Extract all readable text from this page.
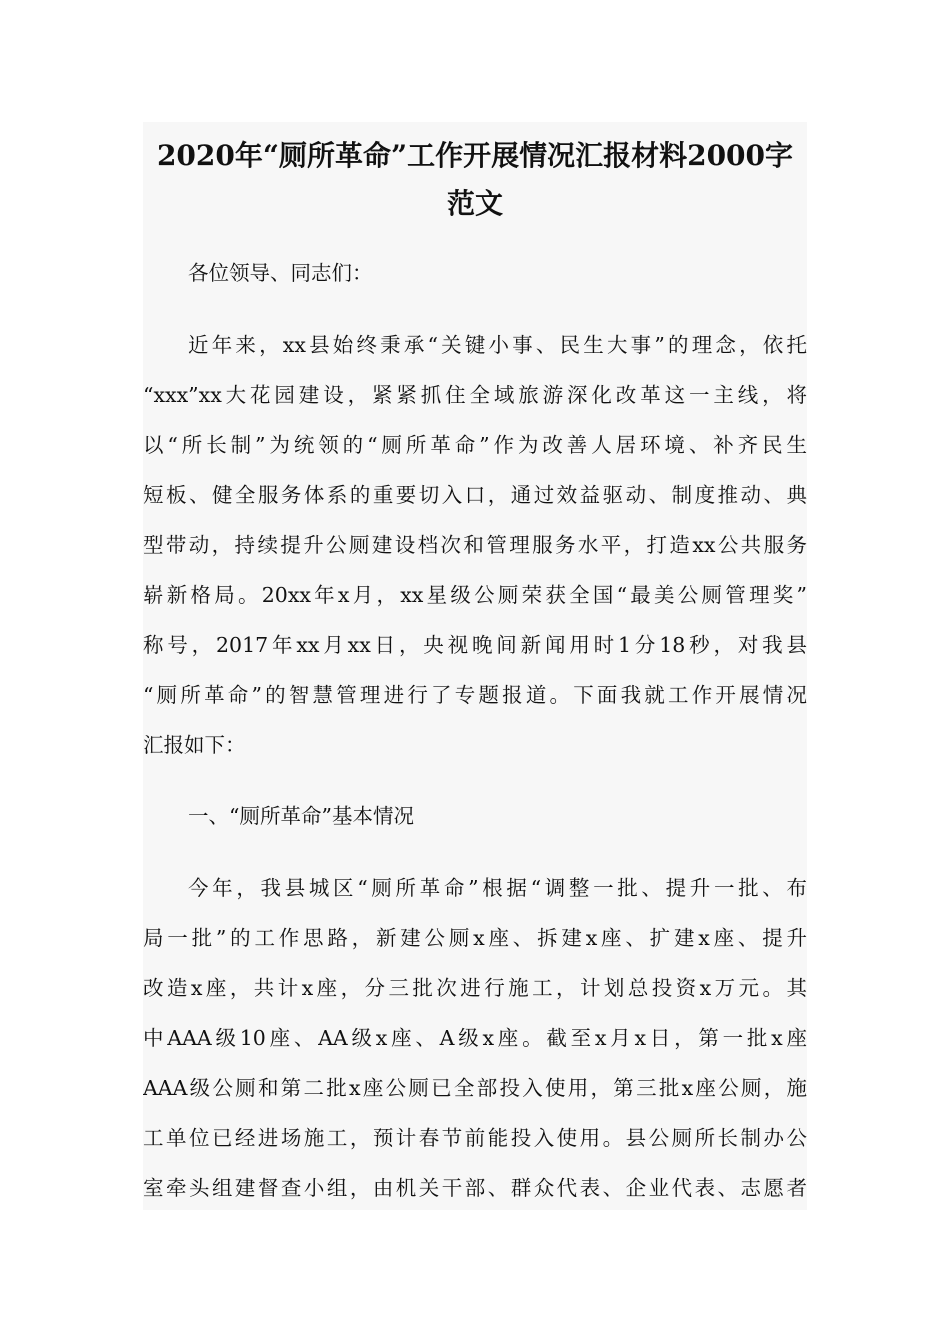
2020年“厕所革命”工作开展情况汇报材料2000字
范文
各位领导、同志们：
近年来，xx县始终秉承“关键小事、民生大事”的理念，依托
“xxx”xx大花园建设，紧紧抓住全域旅游深化改革这一主线，将
以“所长制”为统领的“厕所革命”作为改善人居环境、补齐民生
短板、健全服务体系的重要切入口，通过效益驱动、制度推动、典
型带动，持续提升公厕建设档次和管理服务水平，打造xx公共服务
崭新格局。20xx年x月，xx星级公厕荣获全国“最美公厕管理奖”
称号，2017年xx月xx日，央视晚间新闻用时1分18秒，对我县
“厕所革命”的智慧管理进行了专题报道。下面我就工作开展情况
汇报如下：
一、“厕所革命”基本情况
今年，我县城区“厕所革命”根据“调整一批、提升一批、布
局一批”的工作思路，新建公厕x座、拆建x座、扩建x座、提升
改造x座，共计x座，分三批次进行施工，计划总投资x万元。其
中AAA级10座、AA级x座、A级x座。截至x月x日，第一批x座
AAA级公厕和第二批x座公厕已全部投入使用，第三批x座公厕，施
工单位已经进场施工，预计春节前能投入使用。县公厕所长制办公
室牵头组建督查小组，由机关干部、群众代表、企业代表、志愿者
